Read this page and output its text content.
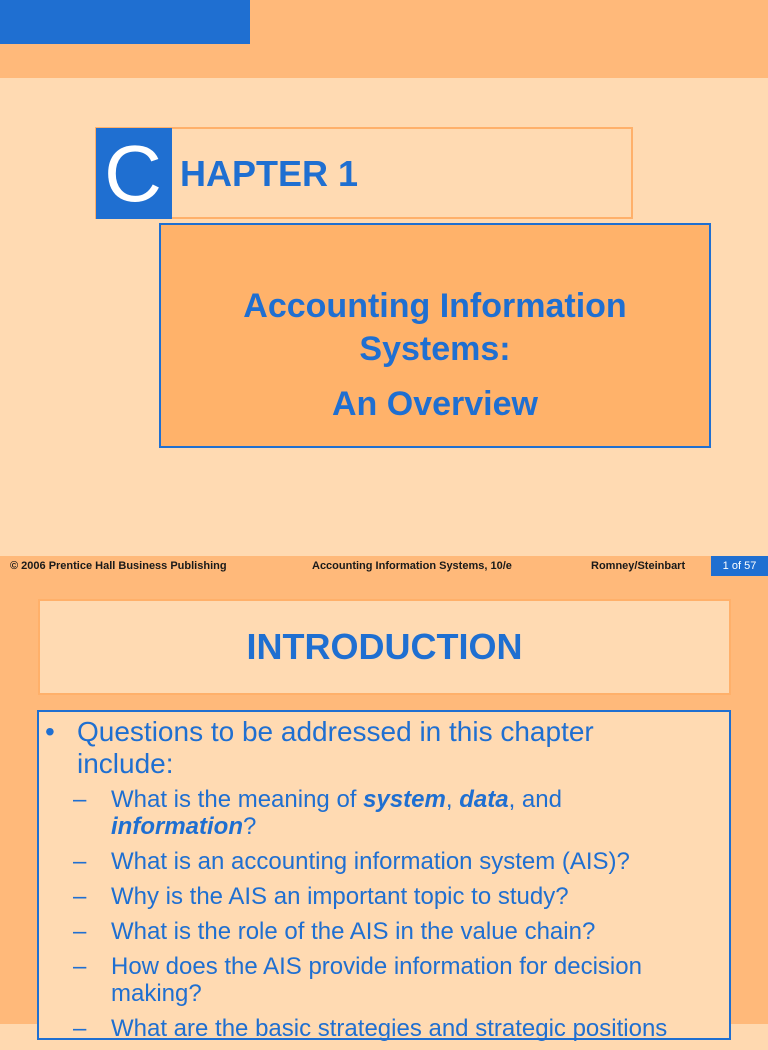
C HAPTER 1
Accounting Information
Systems:
An Overview
© 2006 Prentice Hall Business Publishing	Accounting Information Systems, 10/e	Romney/Steinbart	1 of 57
INTRODUCTION
• Questions to be addressed in this chapter include:
–	What is the meaning of system, data, and information?
–	What is an accounting information system (AIS)?
–	Why is the AIS an important topic to study?
–	What is the role of the AIS in the value chain?
–	How does the AIS provide information for decision making?
–	What are the basic strategies and strategic positions
